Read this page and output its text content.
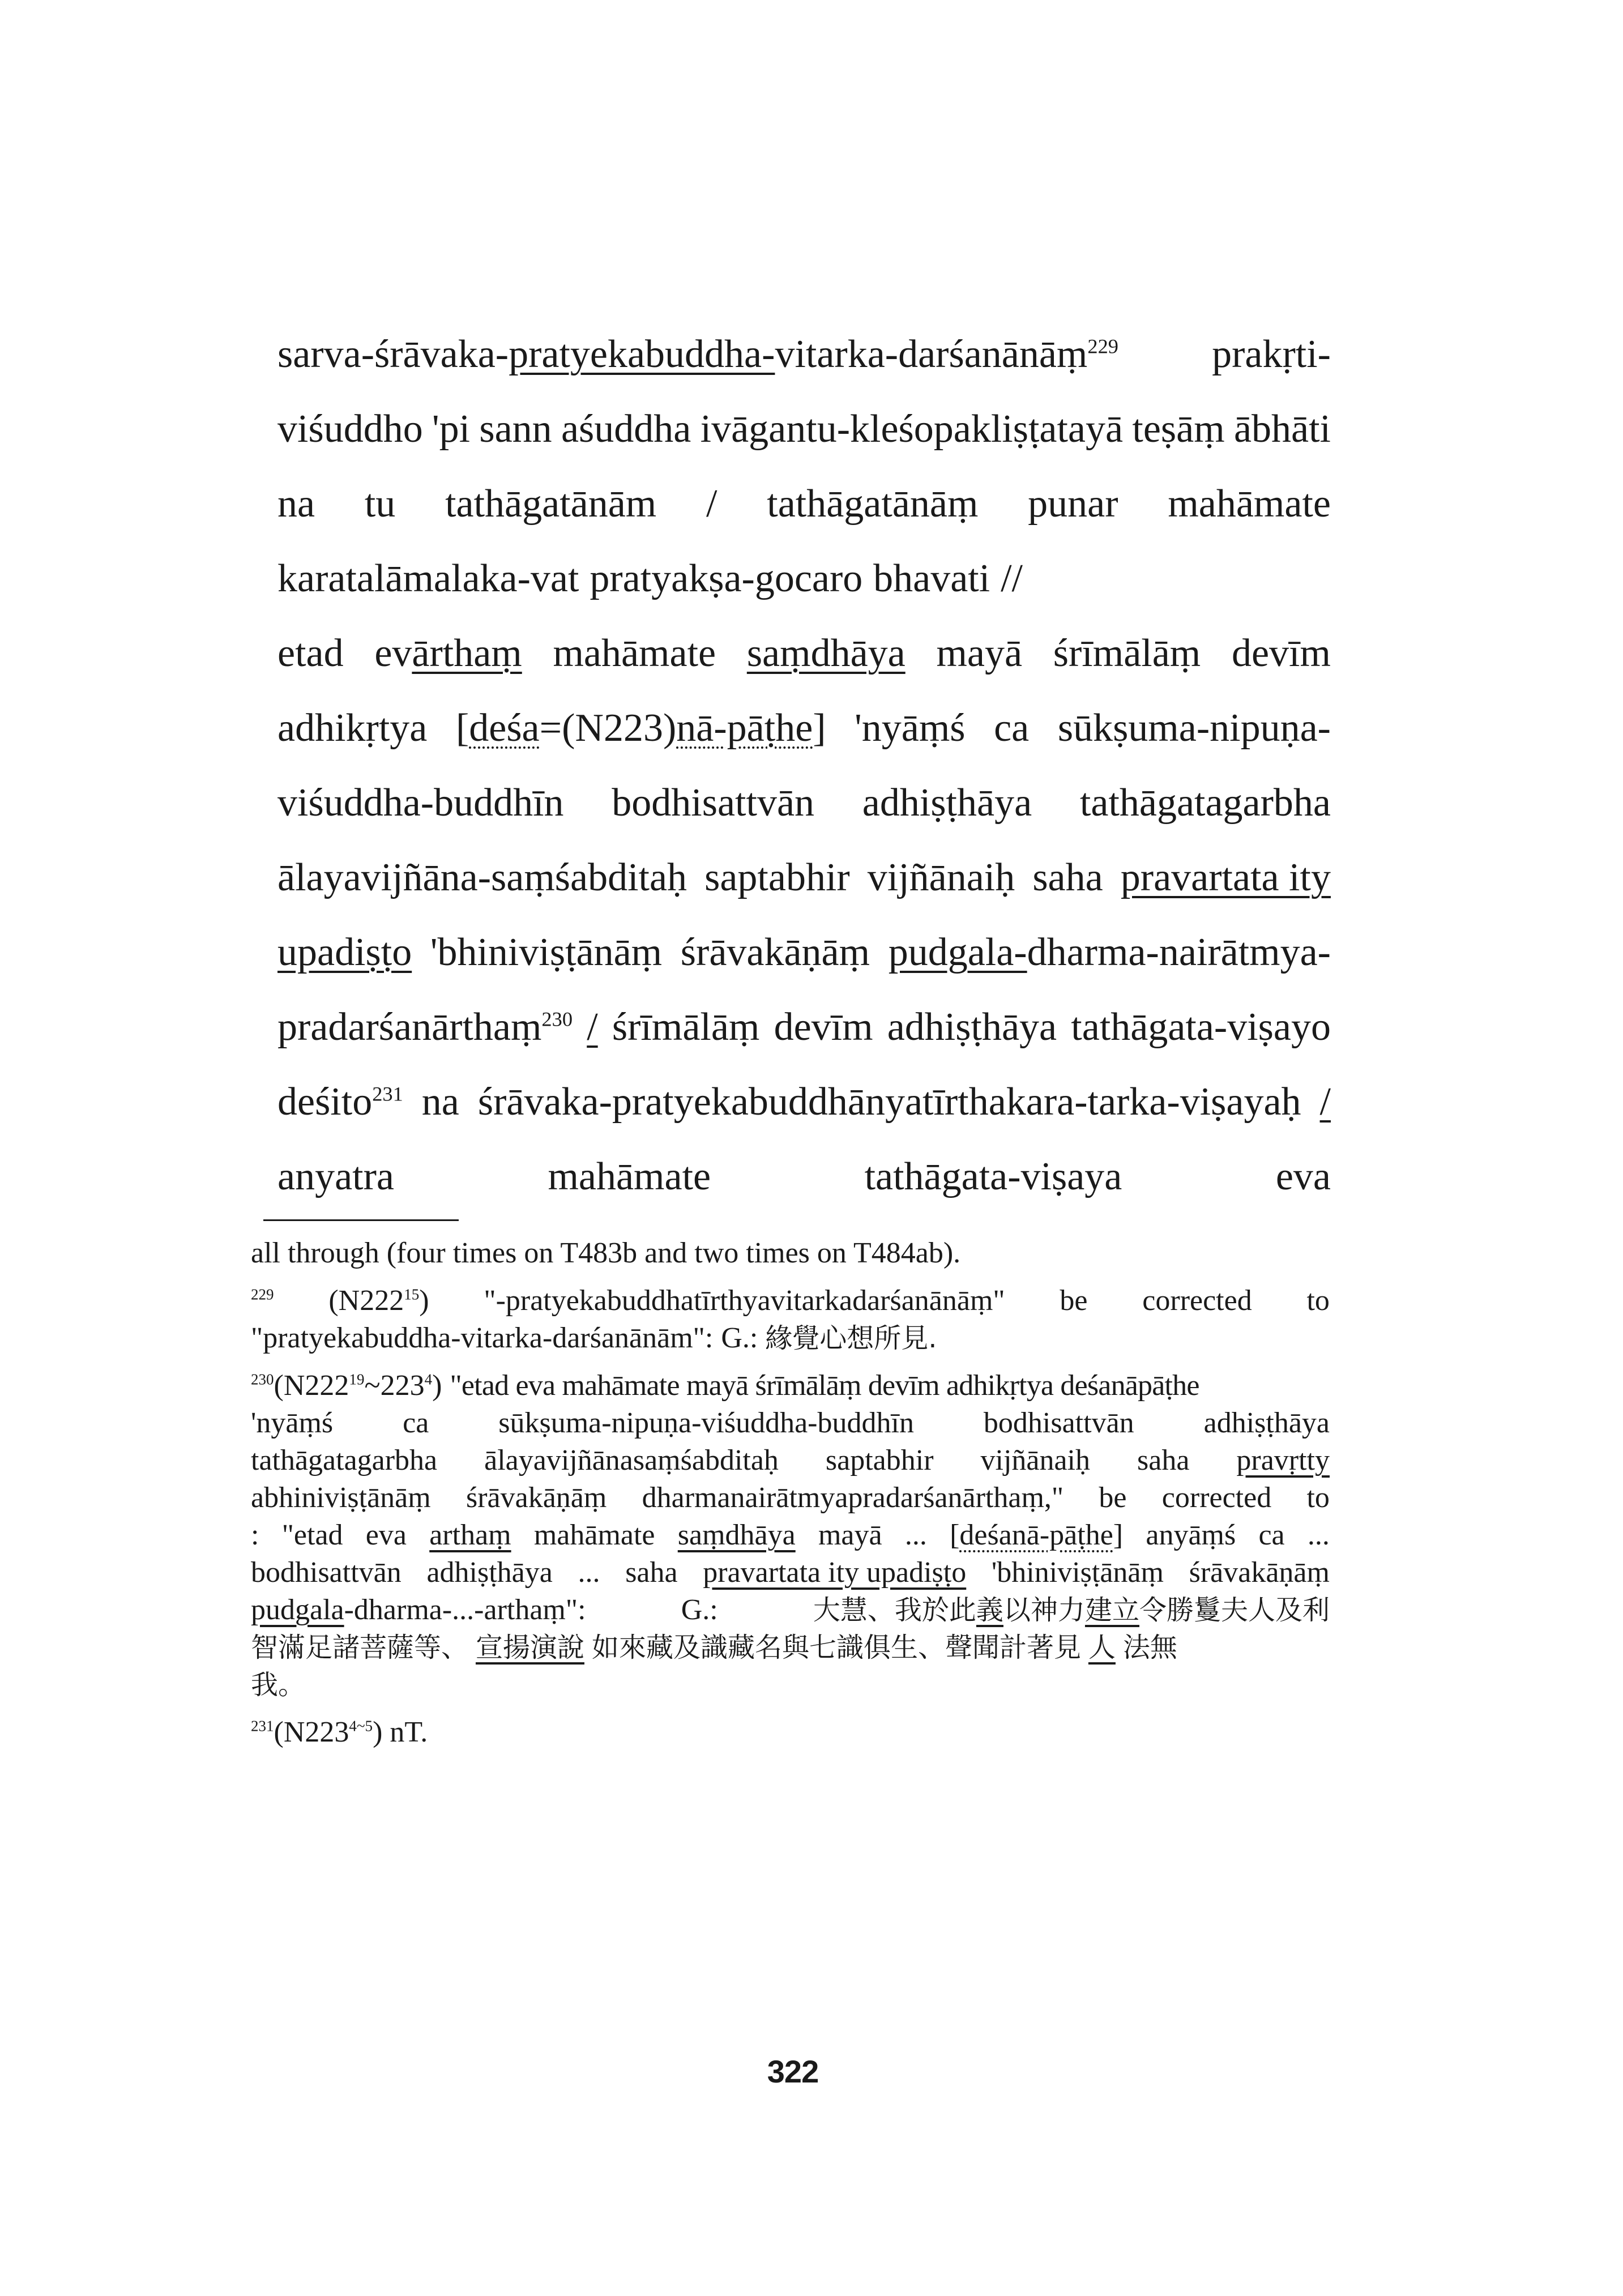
sarva-śrāvaka-pratyekabuddha-vitarka-darśanānāṃ$^{229}$ prakṛti-
viśuddho 'pi sann aśuddha ivāgantu-kleśopakliṣṭatayā teṣāṃ ābhāti
na tu tathāgatānām / tathāgatānāṃ punar mahāmate
karatalāmalaka-vat pratyakṣa-gocaro bhavati //
etad evārthaṃ mahāmate saṃdhāya mayā śrīmālāṃ devīm
adhikṛtya [deśa=(N223)nā-pāṭhe] 'nyāṃś ca sūkṣuma-nipuṇa-
viśuddha-buddhīn bodhisattvān adhiṣṭhāya tathāgatagarbha
ālayavijñāna-saṃśabditaḥ saptabhir vijñānaiḥ saha pravartata ity
upadiṣṭo 'bhiniviṣṭānāṃ śrāvakāṇāṃ pudgala-dharma-nairātmya-
pradarśanārthaṃ$^{230}$ / śrīmālāṃ devīm adhiṣṭhāya tathāgata-viṣayo
deśito$^{231}$ na śrāvaka-pratyekabuddhānyatīrthakara-tarka-viṣayaḥ /
anyatra	mahāmate	tathāgata-viṣaya	eva

all through (four times on T483b and two times on T484ab).

$^{229}$ $(N222^{15})$ "-pratyekabuddhatīrthyavitarkadarśanānāṃ" be corrected to
"pratyekabuddha-vitarka-darśanānām": G.: 緣覺心想所見.
$^{230}(N222^{19}\sim 223^4)$ "etad eva mahāmate mayā śrīmālāṃ devīm adhikṛtya deśanāpāṭhe
'nyāṃś ca sūkṣuma-nipuṇa-viśuddha-buddhīn bodhisattvān adhiṣṭhāya
tathāgatagarbha ālayavijñānasaṃśabditaḥ saptabhir vijñānaiḥ saha pravṛtty
abhiniviṣṭānāṃ śrāvakāṇāṃ dharmanairātmyapradarśanārthaṃ," be corrected to
: "etad eva arthaṃ mahāmate saṃdhāya mayā ... [deśanā-pāṭhe] anyāṃś ca ...
bodhisattvān adhiṣṭhāya ... saha pravartata ity upadiṣṭo 'bhiniviṣṭānāṃ śrāvakāṇāṃ
pudgala-dharma-...-arthaṃ":	G.:	大慧、我於此義以神力建立令勝鬘夫人及利
智滿足諸菩薩等、 宣揚演說 如來藏及識藏名與七識俱生、聲聞計著見 人 法無
我。
$^{231}(N223^{4\sim 5})$ nT.
322
